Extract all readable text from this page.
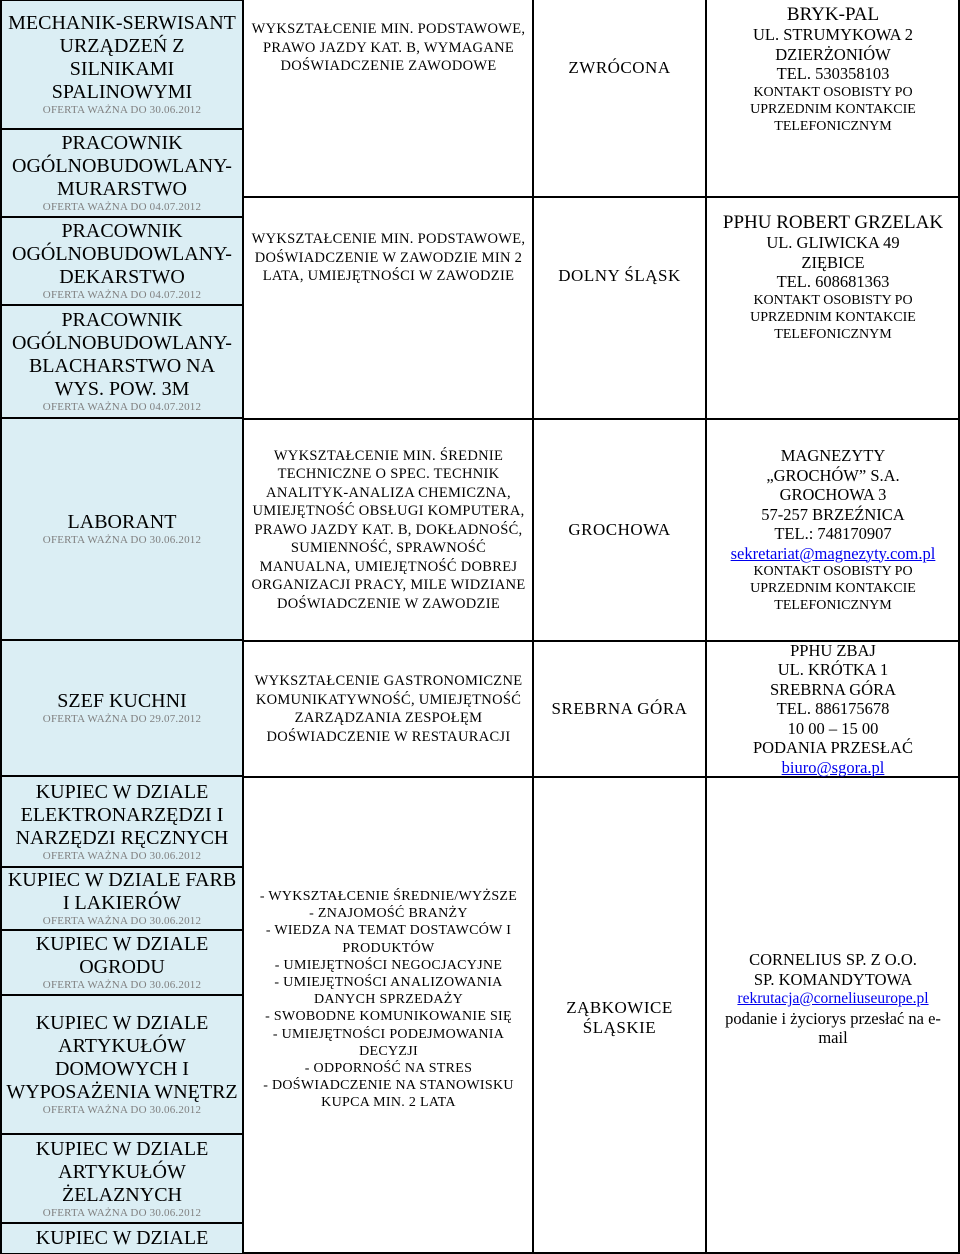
MECHANIK-SERWISANT URZĄDZEŃ Z SILNIKAMI SPALINOWYMI
OFERTA WAŻNA DO 30.06.2012
PRACOWNIK OGÓLNOBUDOWLANY-MURARSTWO
OFERTA WAŻNA DO 04.07.2012
PRACOWNIK OGÓLNOBUDOWLANY-DEKARSTWO
OFERTA WAŻNA DO 04.07.2012
PRACOWNIK OGÓLNOBUDOWLANY-BLACHARSTWO NA WYS. POW. 3M
OFERTA WAŻNA DO 04.07.2012
LABORANT
OFERTA WAŻNA DO 30.06.2012
SZEF KUCHNI
OFERTA WAŻNA DO 29.07.2012
KUPIEC W DZIALE ELEKTRONARZĘDZI I NARZĘDZI RĘCZNYCH
OFERTA WAŻNA DO 30.06.2012
KUPIEC W DZIALE FARB I LAKIERÓW
OFERTA WAŻNA DO 30.06.2012
KUPIEC W DZIALE OGRODU
OFERTA WAŻNA DO 30.06.2012
KUPIEC W DZIALE ARTYKUŁÓW DOMOWYCH I WYPOSAŻENIA WNĘTRZ
OFERTA WAŻNA DO 30.06.2012
KUPIEC W DZIALE ARTYKUŁÓW ŻELAZNYCH
OFERTA WAŻNA DO 30.06.2012
KUPIEC W DZIALE
WYKSZTAŁCENIE MIN. PODSTAWOWE, PRAWO JAZDY KAT. B, WYMAGANE DOŚWIADCZENIE ZAWODOWE
WYKSZTAŁCENIE MIN. PODSTAWOWE, DOŚWIADCZENIE W ZAWODZIE MIN 2 LATA, UMIEJĘTNOŚCI W ZAWODZIE
WYKSZTAŁCENIE MIN. ŚREDNIE TECHNICZNE O SPEC. TECHNIK ANALITYK-ANALIZA CHEMICZNA, UMIEJĘTNOŚĆ OBSŁUGI KOMPUTERA, PRAWO JAZDY KAT. B, DOKŁADNOŚĆ, SUMIENNOŚĆ, SPRAWNOŚĆ MANUALNA, UMIEJĘTNOŚĆ DOBREJ ORGANIZACJI PRACY, MILE WIDZIANE DOŚWIADCZENIE W ZAWODZIE
WYKSZTAŁCENIE GASTRONOMICZNE KOMUNIKATYWNOŚĆ, UMIEJĘTNOŚĆ ZARZĄDZANIA ZESPOŁĘM DOŚWIADCZENIE W RESTAURACJI
- WYKSZTAŁCENIE ŚREDNIE/WYŻSZE
- ZNAJOMOŚĆ BRANŻY
- WIEDZA NA TEMAT DOSTAWCÓW I PRODUKTÓW
- UMIEJĘTNOŚCI NEGOCJACYJNE
- UMIEJĘTNOŚCI ANALIZOWANIA DANYCH SPRZEDAŻY
- SWOBODNE KOMUNIKOWANIE SIĘ
- UMIEJĘTNOŚCI PODEJMOWANIA DECYZJI
- ODPORNOŚĆ NA STRES
- DOŚWIADCZENIE NA STANOWISKU KUPCA MIN. 2 LATA
ZWRÓCONA
DOLNY ŚLĄSK
GROCHOWA
SREBRNA GÓRA
ZĄBKOWICE ŚLĄSKIE
BRYK-PAL
UL. STRUMYKOWA 2
DZIERŻONIÓW
TEL. 530358103
KONTAKT OSOBISTY PO
UPRZEDNIM KONTAKCIE
TELEFONICZNYM
PPHU ROBERT GRZELAK
UL. GLIWICKA 49
ZIĘBICE
TEL. 608681363
KONTAKT OSOBISTY PO
UPRZEDNIM KONTAKCIE
TELEFONICZNYM
MAGNEZYTY
„GROCHÓW” S.A.
GROCHOWA 3
57-257 BRZEŹNICA
TEL.: 748170907
sekretariat@magnezyty.com.pl
KONTAKT OSOBISTY PO
UPRZEDNIM KONTAKCIE
TELEFONICZNYM
PPHU ZBAJ
UL. KRÓTKA 1
SREBRNA GÓRA
TEL. 886175678
10 00 – 15 00
PODANIA PRZESŁAĆ
biuro@sgora.pl
CORNELIUS SP. Z O.O.
SP. KOMANDYTOWA
rekrutacja@corneliuseurope.pl
podanie i życiorys przesłać na e-mail
